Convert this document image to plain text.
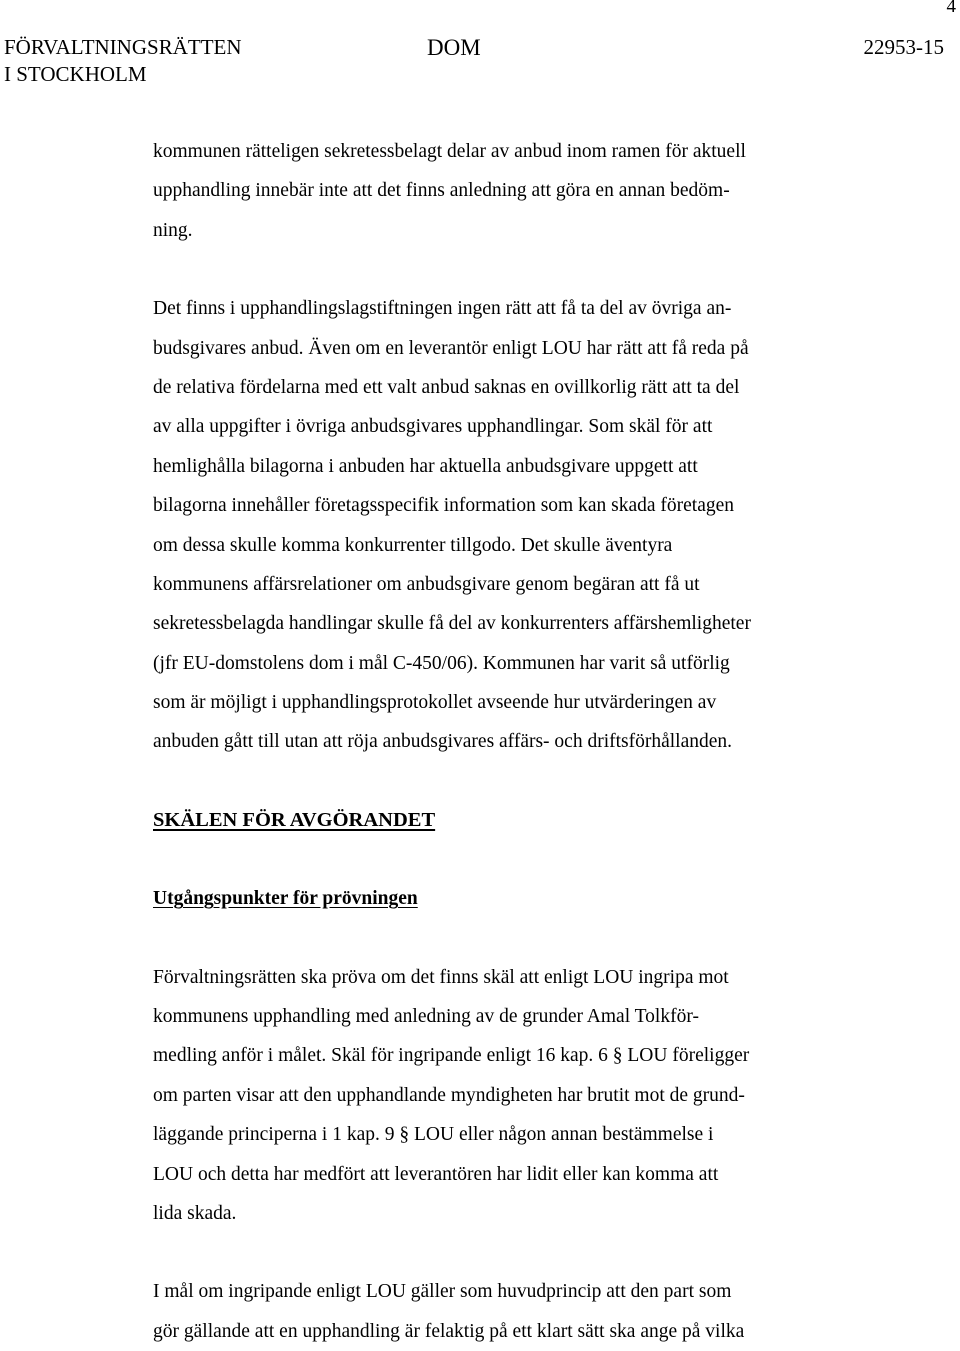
4
FÖRVALTNINGSRÄTTEN
I STOCKHOLM
DOM	22953-15
kommunen rätteligen sekretessbelagt delar av anbud inom ramen för aktuell
upphandling innebär inte att det finns anledning att göra en annan bedöm-
ning.
Det finns i upphandlingslagstiftningen ingen rätt att få ta del av övriga an-
budsgivares anbud. Även om en leverantör enligt LOU har rätt att få reda på
de relativa fördelarna med ett valt anbud saknas en ovillkorlig rätt att ta del
av alla uppgifter i övriga anbudsgivares upphandlingar. Som skäl för att
hemlighålla bilagorna i anbuden har aktuella anbudsgivare uppgett att
bilagorna innehåller företagsspecifik information som kan skada företagen
om dessa skulle komma konkurrenter tillgodo. Det skulle äventyra
kommunens affärsrelationer om anbudsgivare genom begäran att få ut
sekretessbelagda handlingar skulle få del av konkurrenters affärshemligheter
(jfr EU-domstolens dom i mål C-450/06). Kommunen har varit så utförlig
som är möjligt i upphandlingsprotokollet avseende hur utvärderingen av
anbuden gått till utan att röja anbudsgivares affärs- och driftsförhållanden.
SKÄLEN FÖR AVGÖRANDET
Utgångspunkter för prövningen
Förvaltningsrätten ska pröva om det finns skäl att enligt LOU ingripa mot
kommunens upphandling med anledning av de grunder Amal Tolkför-
medling anför i målet. Skäl för ingripande enligt 16 kap. 6 § LOU föreligger
om parten visar att den upphandlande myndigheten har brutit mot de grund-
läggande principerna i 1 kap. 9 § LOU eller någon annan bestämmelse i
LOU och detta har medfört att leverantören har lidit eller kan komma att
lida skada.
I mål om ingripande enligt LOU gäller som huvudprincip att den part som
gör gällande att en upphandling är felaktig på ett klart sätt ska ange på vilka
